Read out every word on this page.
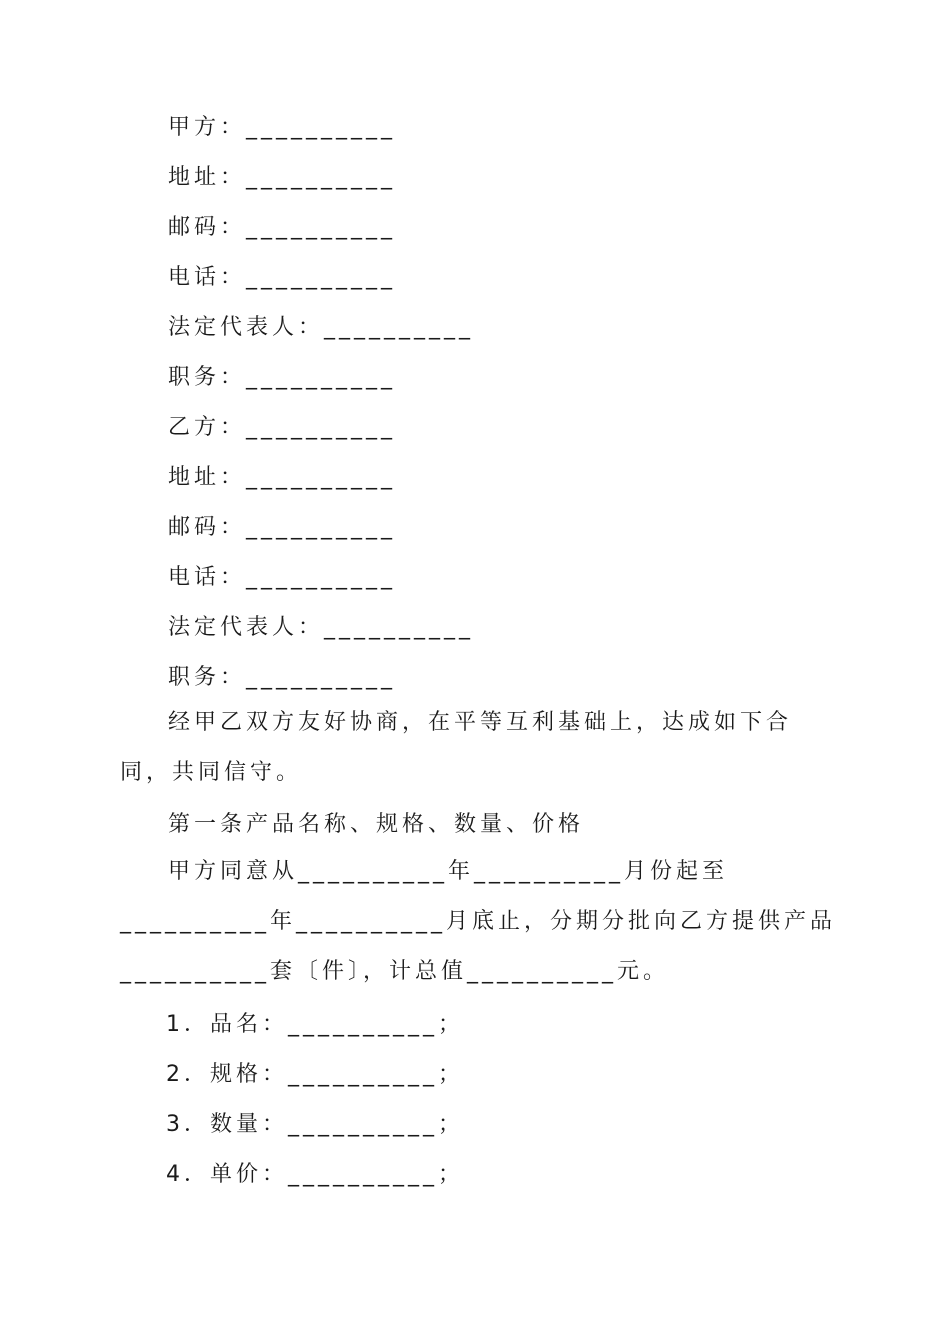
甲方：__________
地址：__________
邮码：__________
电话：__________
法定代表人：__________
职务：__________
乙方：__________
地址：__________
邮码：__________
电话：__________
法定代表人：__________
职务：__________
经甲乙双方友好协商，在平等互利基础上，达成如下合同，共同信守。
第一条产品名称、规格、数量、价格
甲方同意从__________年__________月份起至__________年__________月底止，分期分批向乙方提供产品__________套〔件〕，计总值__________元。
1．品名：__________；
2．规格：__________；
3．数量：__________；
4．单价：__________；
